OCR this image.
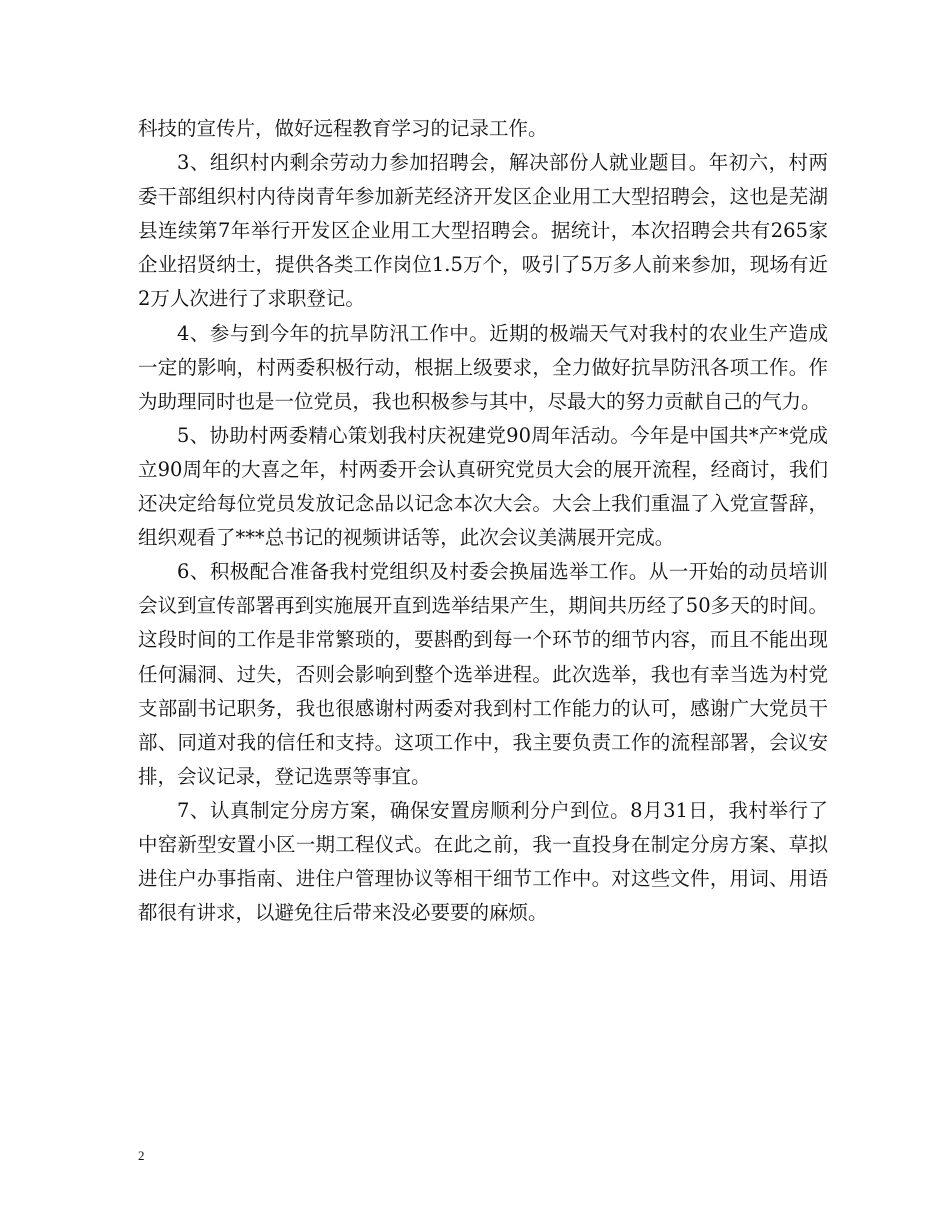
科技的宣传片，做好远程教育学习的记录工作。

3、组织村内剩余劳动力参加招聘会，解决部份人就业题目。年初六，村两委干部组织村内待岗青年参加新芜经济开发区企业用工大型招聘会，这也是芜湖县连续第7年举行开发区企业用工大型招聘会。据统计，本次招聘会共有265家企业招贤纳士，提供各类工作岗位1.5万个，吸引了5万多人前来参加，现场有近2万人次进行了求职登记。

4、参与到今年的抗旱防汛工作中。近期的极端天气对我村的农业生产造成一定的影响，村两委积极行动，根据上级要求，全力做好抗旱防汛各项工作。作为助理同时也是一位党员，我也积极参与其中，尽最大的努力贡献自己的气力。

5、协助村两委精心策划我村庆祝建党90周年活动。今年是中国共*产*党成立90周年的大喜之年，村两委开会认真研究党员大会的展开流程，经商讨，我们还决定给每位党员发放记念品以记念本次大会。大会上我们重温了入党宣誓辞，组织观看了***总书记的视频讲话等，此次会议美满展开完成。

6、积极配合准备我村党组织及村委会换届选举工作。从一开始的动员培训会议到宣传部署再到实施展开直到选举结果产生，期间共历经了50多天的时间。这段时间的工作是非常繁琐的，要斟酌到每一个环节的细节内容，而且不能出现任何漏洞、过失，否则会影响到整个选举进程。此次选举，我也有幸当选为村党支部副书记职务，我也很感谢村两委对我到村工作能力的认可，感谢广大党员干部、同道对我的信任和支持。这项工作中，我主要负责工作的流程部署，会议安排，会议记录，登记选票等事宜。

7、认真制定分房方案，确保安置房顺利分户到位。8月31日，我村举行了中窑新型安置小区一期工程仪式。在此之前，我一直投身在制定分房方案、草拟进住户办事指南、进住户管理协议等相干细节工作中。对这些文件，用词、用语都很有讲求，以避免往后带来没必要要的麻烦。

2
